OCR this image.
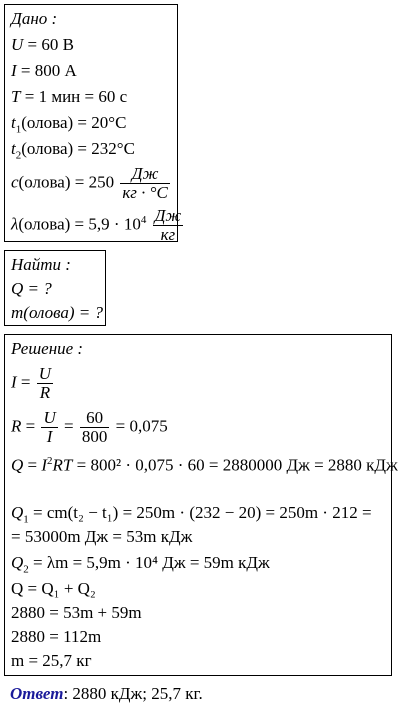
Дано :
U = 60 В
I = 800 А
T = 1 мин = 60 с
$t_1(олова) = 20^\circ С$
$t_2(олова) = 232^\circ С$
c(олова) = $250 \frac{Дж}{кг \cdot ^\circ С}$
λ(олова) = $5,9 \cdot 10^4 \frac{Дж}{кг}$
Найти :
Q = ?
m(олова) = ?
Решение :
$I = \frac{U}{R}$
$R = \frac{U}{I} = \frac{60}{800} = 0,075$
$Q = I^2RT = 800^2 \cdot 0,075 \cdot 60 = 2880000$ Дж = 2880 кДж
$Q_1 = cm(t_2 - t_1) = 250m \cdot (232 - 20) = 250m \cdot 212$ =
= 53000m Дж = 53m кДж
$Q_2 = \lambda m = 5,9m \cdot 10^4$ Дж = 59m кДж
Q = Q₁ + Q₂
2880 = 53m + 59m
2880 = 112m
m = 25,7 кг
Ответ: 2880 кДж; 25,7 кг.
